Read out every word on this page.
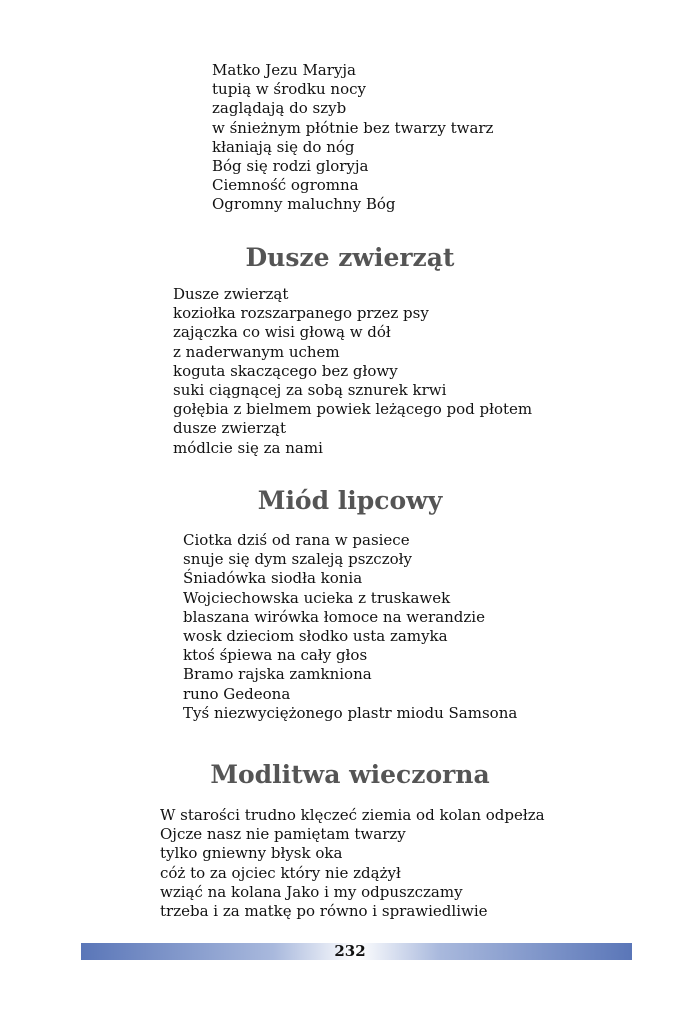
Matko Jezu Maryja
tupią w środku nocy
zaglądają do szyb
w śnieżnym płótnie bez twarzy twarz
kłaniają się do nóg
Bóg się rodzi gloryja
Ciemność ogromna
Ogromny maluchny Bóg
Dusze zwierząt
Dusze zwierząt
koziołka rozszarpanego przez psy
zajączka co wisi głową w dół
z naderwanym uchem
koguta skaczącego bez głowy
suki ciągnącej za sobą sznurek krwi
gołębia z bielmem powiek leżącego pod płotem
dusze zwierząt
módlcie się za nami
Miód lipcowy
Ciotka dziś od rana w pasiece
snuje się dym szaleją pszczoły
Śniadówka siodła konia
Wojciechowska ucieka z truskawek
blaszana wirówka łomoce na werandzie
wosk dzieciom słodko usta zamyka
ktoś śpiewa na cały głos
Bramo rajska zamkniona
runo Gedeona
Tyś niezwyciężonego plastr miodu Samsona
Modlitwa wieczorna
W starości trudno klęczeć ziemia od kolan odpełza
Ojcze nasz nie pamiętam twarzy
tylko gniewny błysk oka
cóż to za ojciec który nie zdążył
wziąć na kolana Jako i my odpuszczamy
trzeba i za matkę po równo i sprawiedliwie
232
